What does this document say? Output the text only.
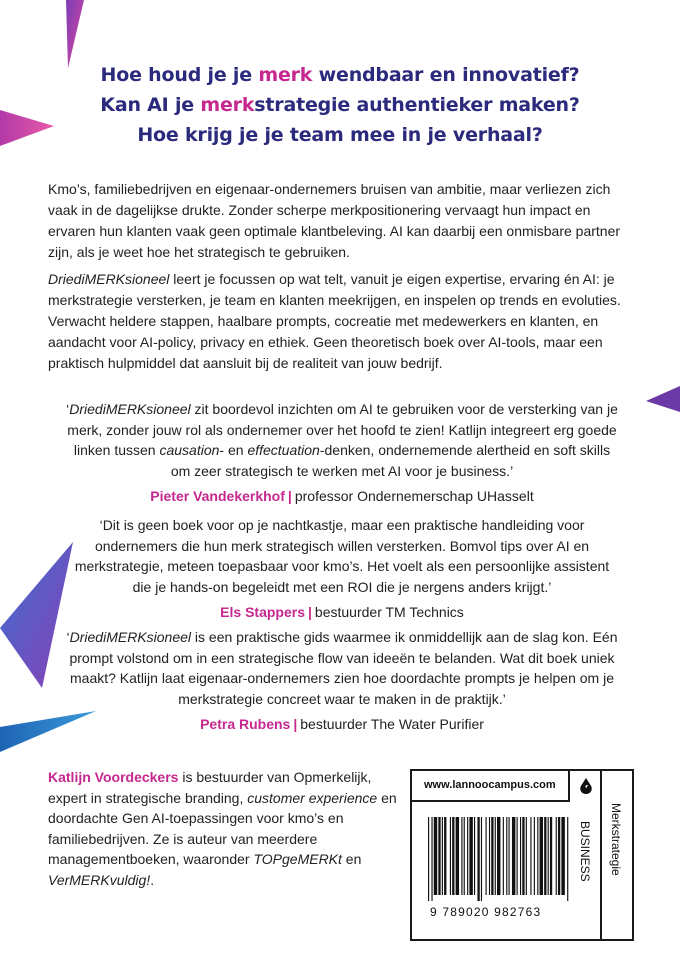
Hoe houd je je merk wendbaar en innovatief?
Kan AI je merkstrategie authentieker maken?
Hoe krijg je je team mee in je verhaal?

Kmo’s, familiebedrijven en eigenaar-ondernemers bruisen van ambitie, maar verliezen zich vaak in de dagelijkse drukte. Zonder scherpe merkpositionering vervaagt hun impact en ervaren hun klanten vaak geen optimale klantbeleving. AI kan daarbij een onmisbare partner zijn, als je weet hoe het strategisch te gebruiken.

DriediMERKsioneel leert je focussen op wat telt, vanuit je eigen expertise, ervaring én AI: je merkstrategie versterken, je team en klanten meekrijgen, en inspelen op trends en evoluties. Verwacht heldere stappen, haalbare prompts, cocreatie met medewerkers en klanten, en aandacht voor AI-policy, privacy en ethiek. Geen theoretisch boek over AI-tools, maar een praktisch hulpmiddel dat aansluit bij de realiteit van jouw bedrijf.

‘DriediMERKsioneel zit boordevol inzichten om AI te gebruiken voor de versterking van je merk, zonder jouw rol als ondernemer over het hoofd te zien! Katlijn integreert erg goede linken tussen causation- en effectuation-denken, ondernemende alertheid en soft skills om zeer strategisch te werken met AI voor je business.’

Pieter Vandekerkhof | professor Ondernemerschap UHasselt

‘Dit is geen boek voor op je nachtkastje, maar een praktische handleiding voor ondernemers die hun merk strategisch willen versterken. Bomvol tips over AI en merkstrategie, meteen toepasbaar voor kmo’s. Het voelt als een persoonlijke assistent die je hands-on begeleidt met een ROI die je nergens anders krijgt.’

Els Stappers | bestuurder TM Technics

‘DriediMERKsioneel is een praktische gids waarmee ik onmiddellijk aan de slag kon. Eén prompt volstond om in een strategische flow van ideeën te belanden. Wat dit boek uniek maakt? Katlijn laat eigenaar-ondernemers zien hoe doordachte prompts je helpen om je merkstrategie concreet waar te maken in de praktijk.’

Petra Rubens | bestuurder The Water Purifier

Katlijn Voordeckers is bestuurder van Opmerkelijk, expert in strategische branding, customer experience en doordachte Gen AI-toepassingen voor kmo’s en familiebedrijven. Ze is auteur van meerdere managementboeken, waaronder TOPgeMERKt en VerMERKvuldig!.

www.lannoocampus.com
BUSINESS Merkstrategie
9 789020 982763
